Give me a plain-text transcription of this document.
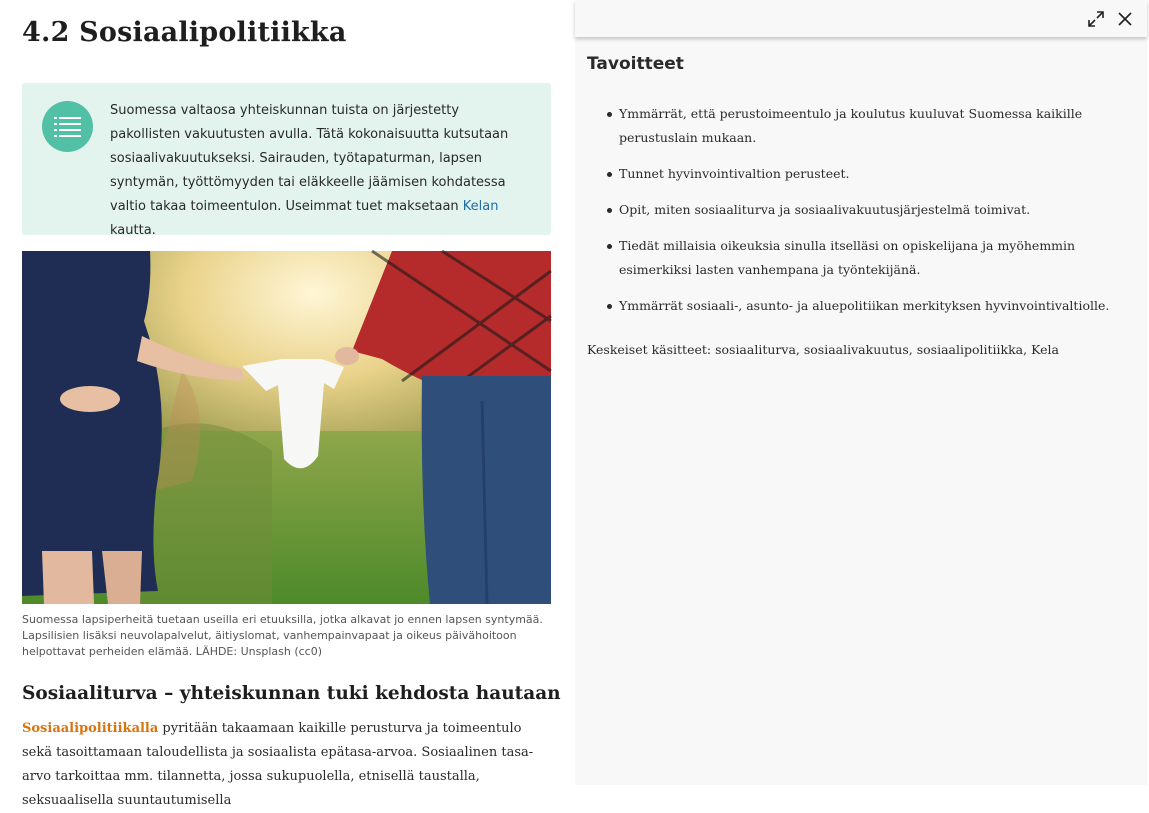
4.2 Sosiaalipolitiikka
Suomessa valtaosa yhteiskunnan tuista on järjestetty pakollisten vakuutusten avulla. Tätä kokonaisuutta kutsutaan sosiaalivakuutukseksi. Sairauden, työtapaturman, lapsen syntymän, työttömyyden tai eläkkeelle jäämisen kohdatessa valtio takaa toimeentulon. Useimmat tuet maksetaan Kelan kautta.
Suomessa lapsiperheitä tuetaan useilla eri etuuksilla, jotka alkavat jo ennen lapsen syntymää. Lapsilisien lisäksi neuvolapalvelut, äitiyslomat, vanhempainvapaat ja oikeus päivähoitoon helpottavat perheiden elämää. LÄHDE: Unsplash (cc0)
Sosiaaliturva – yhteiskunnan tuki kehdosta hautaan
Sosiaalipolitiikalla pyritään takaamaan kaikille perusturva ja toimeentulo sekä tasoittamaan taloudellista ja sosiaalista epätasa-arvoa. Sosiaalinen tasa-arvo tarkoittaa mm. tilannetta, jossa sukupuolella, etnisellä taustalla, seksuaalisella suuntautumisella
Tavoitteet
Ymmärrät, että perustoimeentulo ja koulutus kuuluvat Suomessa kaikille perustuslain mukaan.
Tunnet hyvinvointivaltion perusteet.
Opit, miten sosiaaliturva ja sosiaalivakuutusjärjestelmä toimivat.
Tiedät millaisia oikeuksia sinulla itselläsi on opiskelijana ja myöhemmin esimerkiksi lasten vanhempana ja työntekijänä.
Ymmärrät sosiaali-, asunto- ja aluepolitiikan merkityksen hyvinvointivaltiolle.
Keskeiset käsitteet: sosiaaliturva, sosiaalivakuutus, sosiaalipolitiikka, Kela
